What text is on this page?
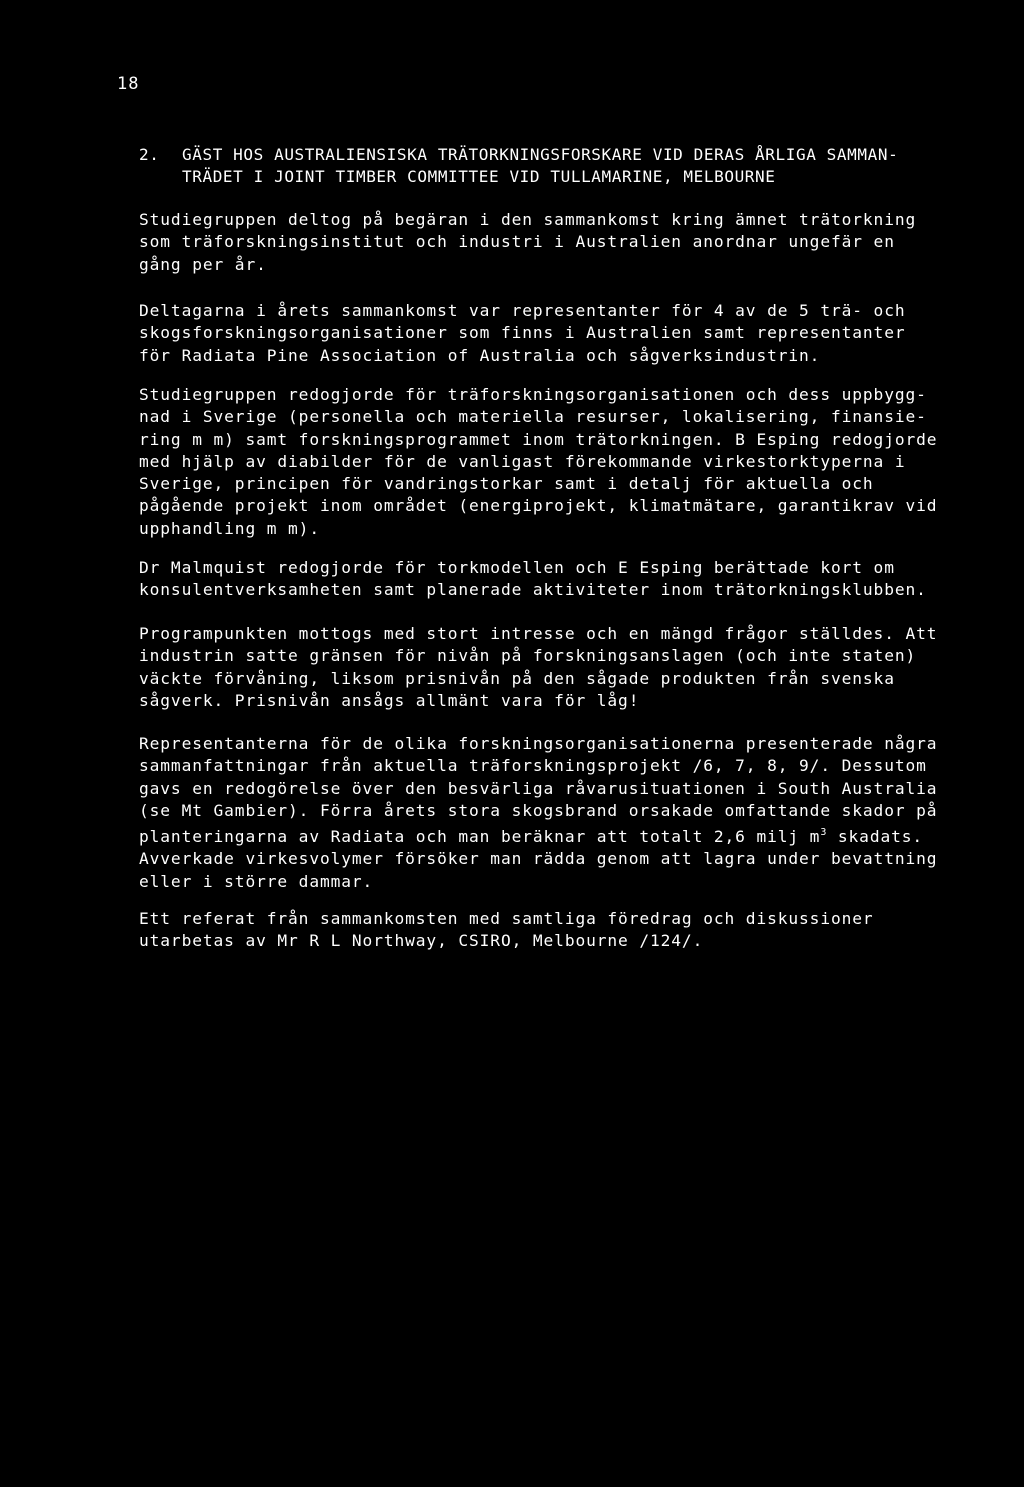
18
2. GÄST HOS AUSTRALIENSISKA TRÄTORKNINGSFORSKARE VID DERAS ÅRLIGA SAMMAN-
TRÄDET I JOINT TIMBER COMMITTEE VID TULLAMARINE, MELBOURNE
Studiegruppen deltog på begäran i den sammankomst kring ämnet trätorkning
som träforskningsinstitut och industri i Australien anordnar ungefär en
gång per år.
Deltagarna i årets sammankomst var representanter för 4 av de 5 trä- och
skogsforskningsorganisationer som finns i Australien samt representanter
för Radiata Pine Association of Australia och sågverksindustrin.
Studiegruppen redogjorde för träforskningsorganisationen och dess uppbygg-
nad i Sverige (personella och materiella resurser, lokalisering, finansie-
ring m m) samt forskningsprogrammet inom trätorkningen. B Esping redogjorde
med hjälp av diabilder för de vanligast förekommande virkestorktyperna i
Sverige, principen för vandringstorkar samt i detalj för aktuella och
pågående projekt inom området (energiprojekt, klimatmätare, garantikrav vid
upphandling m m).
Dr Malmquist redogjorde för torkmodellen och E Esping berättade kort om
konsulentverksamheten samt planerade aktiviteter inom trätorkningsklubben.
Programpunkten mottogs med stort intresse och en mängd frågor ställdes. Att
industrin satte gränsen för nivån på forskningsanslagen (och inte staten)
väckte förvåning, liksom prisnivån på den sågade produkten från svenska
sågverk. Prisnivån ansågs allmänt vara för låg!
Representanterna för de olika forskningsorganisationerna presenterade några
sammanfattningar från aktuella träforskningsprojekt /6, 7, 8, 9/. Dessutom
gavs en redogörelse över den besvärliga råvarusituationen i South Australia
(se Mt Gambier). Förra årets stora skogsbrand orsakade omfattande skador på
planteringarna av Radiata och man beräknar att totalt 2,6 milj $m^3$ skadats.
Avverkade virkesvolymer försöker man rädda genom att lagra under bevattning
eller i större dammar.
Ett referat från sammankomsten med samtliga föredrag och diskussioner
utarbetas av Mr R L Northway, CSIRO, Melbourne /124/.
